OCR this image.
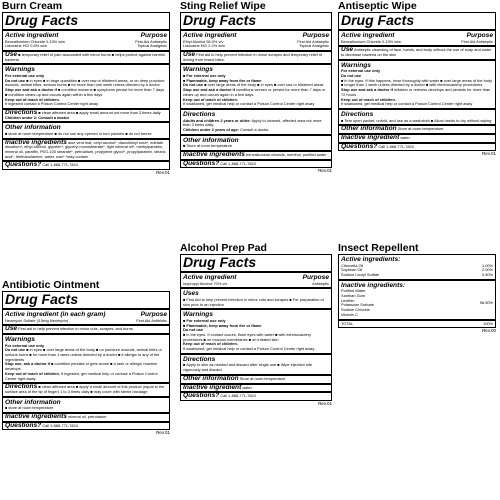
Burn Cream
Drug Facts
Active ingredient	Purpose
Benzalkonium Chloride 0.13% w/w	First Aid Antiseptic
Lidocaine HCl 0.5% w/w	Topical Analgesic
Use ■ temporary relief of pain associated with minor burns ■ helps protect against harmful bacteria
Warnings
For external use only
Do not use ■ in eyes ■ in large quantities ■ over raw or blistered areas, or on deep puncture wounds, animal bites, serious burns ■ for more than one week unless directed by a doctor
Stop use and ask a doctor if ■ condition worsens ■ symptoms persist for more than 7 days ■ condition clears up and occurs again within a few days
Keep out of reach of children.
If ingested contact a Poison Control Center right away.
Directions ■ clean affected area ■ apply small amount not more than 3 times daily
Children under 2: Consult a doctor
Other information
■ store at room temperature ■ do not use any opened or torn packets ■ do not freeze
Inactive ingredients aloe vera leaf, cetyl alcohol*, diazolidinyl urea*, edetate disodium*, ethyl alcohol, glycerin*, glyceryl monostearate*, light mineral oil*, methylparaben, mineral oil, paraffin, PEG-100 stearate*, petrolatum, propylene glycol*, propylparaben, stearic acid*, triethanolamine, water, wax* *may contain
Questions? Call 1-888-771-7824
Rev.01
Antibiotic Ointment
Drug Facts
Active ingredient (in each gram)	Purpose
Neomycin Sulfate (3.5mg Neomycin)	First Aid Antibiotic
Use First aid to help prevent infection in minor cuts, scrapes, and burns.
Warnings
For external use only
Do not use ■ in eyes ■ over large areas of the body ■ on puncture wounds, animal bites or serious burns ■ for more than 1 week unless directed by a doctor ■ if allergic to any of the ingredients
Stop use, ask a doctor if ■ condition persists or gets worse ■ a rash or allergic reaction develops
Keep out of reach of children. If ingested, get medical help or contact a Poison Control Center right away.
Directions ■ clean affected area ■ apply a small amount of this product (equal to the surface area of the tip of finger) 1 to 3 times daily ■ may cover with sterile bandage
Other information
■ store at room temperature
Inactive ingredients mineral oil, petrolatum
Questions? Call 1-888-771-7824
Rev.01
Sting Relief Wipe
Drug Facts
Active ingredient	Purpose
Ethyl Alcohol 56.0% v/v	First Aid Antiseptic
Lidocaine HCl 2.2% w/w	Topical Analgesic
Use First aid to help prevent infection in minor scrapes and temporary relief of itching from insect bites.
Warnings
■ For external use only
■ Flammable, keep away from fire or flame
Do not use ■ over large areas of the body ■ in eyes ■ over raw or blistered areas
Stop use and ask a doctor if conditions worsen or persist for more than 7 days or clears up and occurs again in a few days.
Keep out of reach of children.
If swallowed, get medical help or contact a Poison Control Center right away
Directions
Adults and children 2 years or older: Apply to cleaned, affected area not more than 3 times daily.
Children under 2 years of age: Consult a doctor.
Other information
■ Store at room temperature
Inactive ingredients benzalkonium chloride, menthol, purified water
Questions? Call 1-888-771-7824
Rev.01
Alcohol Prep Pad
Drug Facts
Active ingredient	Purpose
Isopropyl Alcohol 70% v/v	Antiseptic
Uses
■ First Aid to help prevent infection in minor cuts and scrapes ■ For preparation of skin prior to an injection
Warnings
■ For external use only
■ Flammable, keep away from fire or flame
Do not use
■ in the eyes. If contact occurs, flush eyes with water ■ with electrocautery procedures ■ on mucous membranes ■ on irritated skin
Keep out of reach of children.
If swallowed, get medical help or contact a Poison Control Center right away
Directions
■ Apply to skin as needed and discard after single use ■ Wipe injection site vigorously and discard
Other information Store at room temperature
Inactive ingredient water
Questions? Call 1-888-771-7824
Rev.01
Antiseptic Wipe
Drug Facts
Active ingredient	Purpose
Benzalkonium Chloride 0.13% w/w	First Aid Antiseptic
Use Antiseptic cleansing of face, hands, and body without the use of soap and water to decrease bacteria on the skin
Warnings
For external use only
Do not use
■ in the eyes. If this happens, rinse thoroughly with water ■ over large areas of the body ■ longer than 1 week unless directed by a doctor ■ with electrocautery procedures
Stop use and ask a doctor if irritation or redness develops and persists for more than 72 hours
Keep out of reach of children.
If swallowed, get medical help or contact a Poison Control Center right away
Directions
■ Tear open packet, unfold, and use as a washcloth ■ Allow hands to dry without wiping
Other information Store at room temperature
Inactive ingredient water
Questions? Call 1-888-771-7824
Rev.01
Insect Repellent
Active ingredients:
Citronella Oil	1.00%
Soybean Oil	2.00%
Sodium Lauryl Sulfate	0.50%
Inactive ingredients:
Purified Water
Xanthan Gum
Lecithin
Potassium Sorbate
Sodium Chloride
Vitamin C
96.50%
TOTAL	100%
Rev.00
